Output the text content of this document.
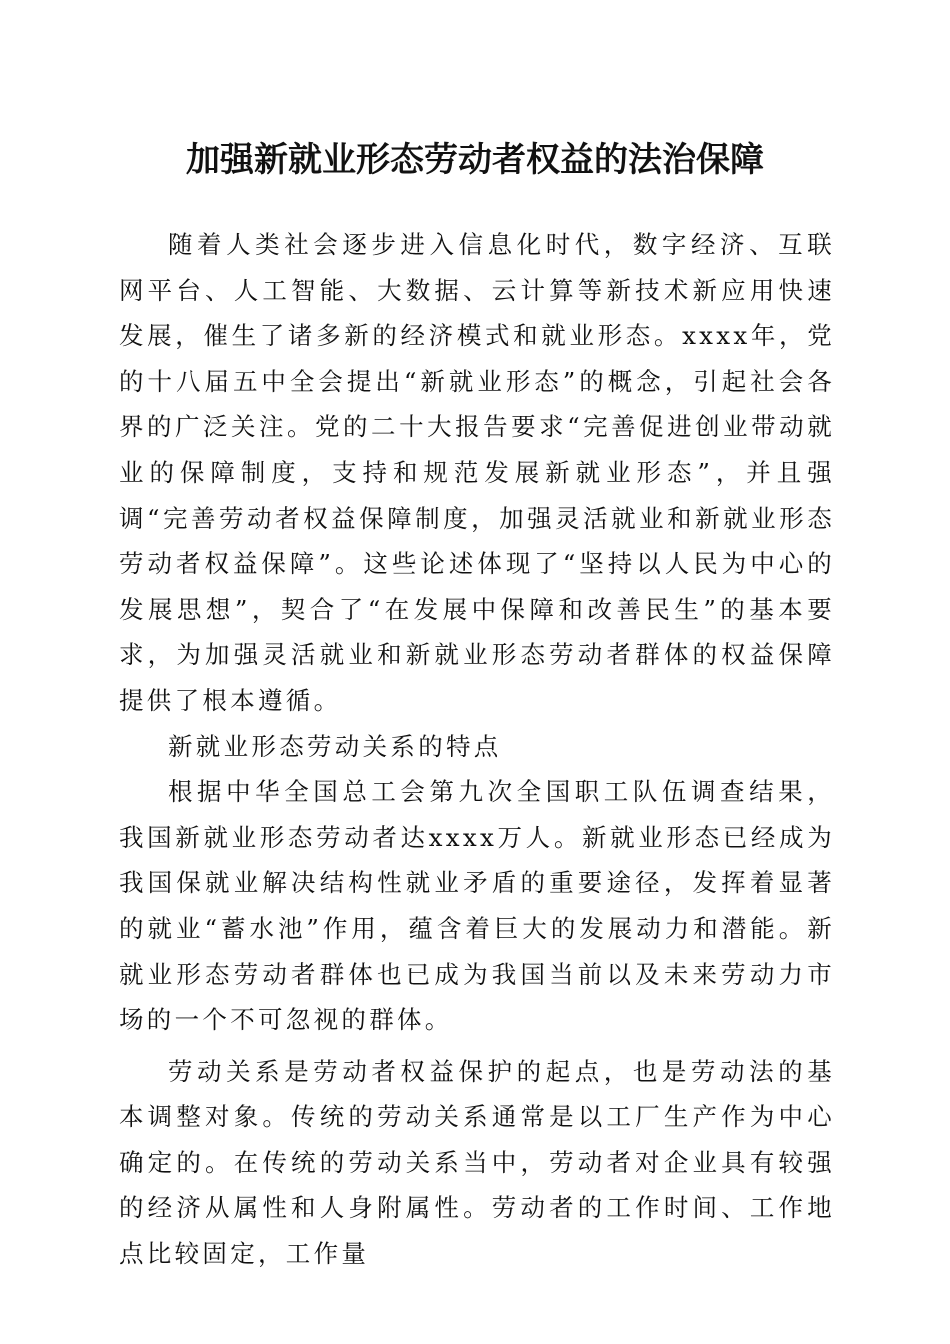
加强新就业形态劳动者权益的法治保障

随着人类社会逐步进入信息化时代，数字经济、互联网平台、人工智能、大数据、云计算等新技术新应用快速发展，催生了诸多新的经济模式和就业形态。xxxx年，党的十八届五中全会提出“新就业形态”的概念，引起社会各界的广泛关注。党的二十大报告要求“完善促进创业带动就业的保障制度，支持和规范发展新就业形态”，并且强调“完善劳动者权益保障制度，加强灵活就业和新就业形态劳动者权益保障”。这些论述体现了“坚持以人民为中心的发展思想”，契合了“在发展中保障和改善民生”的基本要求，为加强灵活就业和新就业形态劳动者群体的权益保障提供了根本遵循。

新就业形态劳动关系的特点

根据中华全国总工会第九次全国职工队伍调查结果，我国新就业形态劳动者达xxxx万人。新就业形态已经成为我国保就业解决结构性就业矛盾的重要途径，发挥着显著的就业“蓄水池”作用，蕴含着巨大的发展动力和潜能。新就业形态劳动者群体也已成为我国当前以及未来劳动力市场的一个不可忽视的群体。

劳动关系是劳动者权益保护的起点，也是劳动法的基本调整对象。传统的劳动关系通常是以工厂生产作为中心确定的。在传统的劳动关系当中，劳动者对企业具有较强的经济从属性和人身附属性。劳动者的工作时间、工作地点比较固定，工作量
